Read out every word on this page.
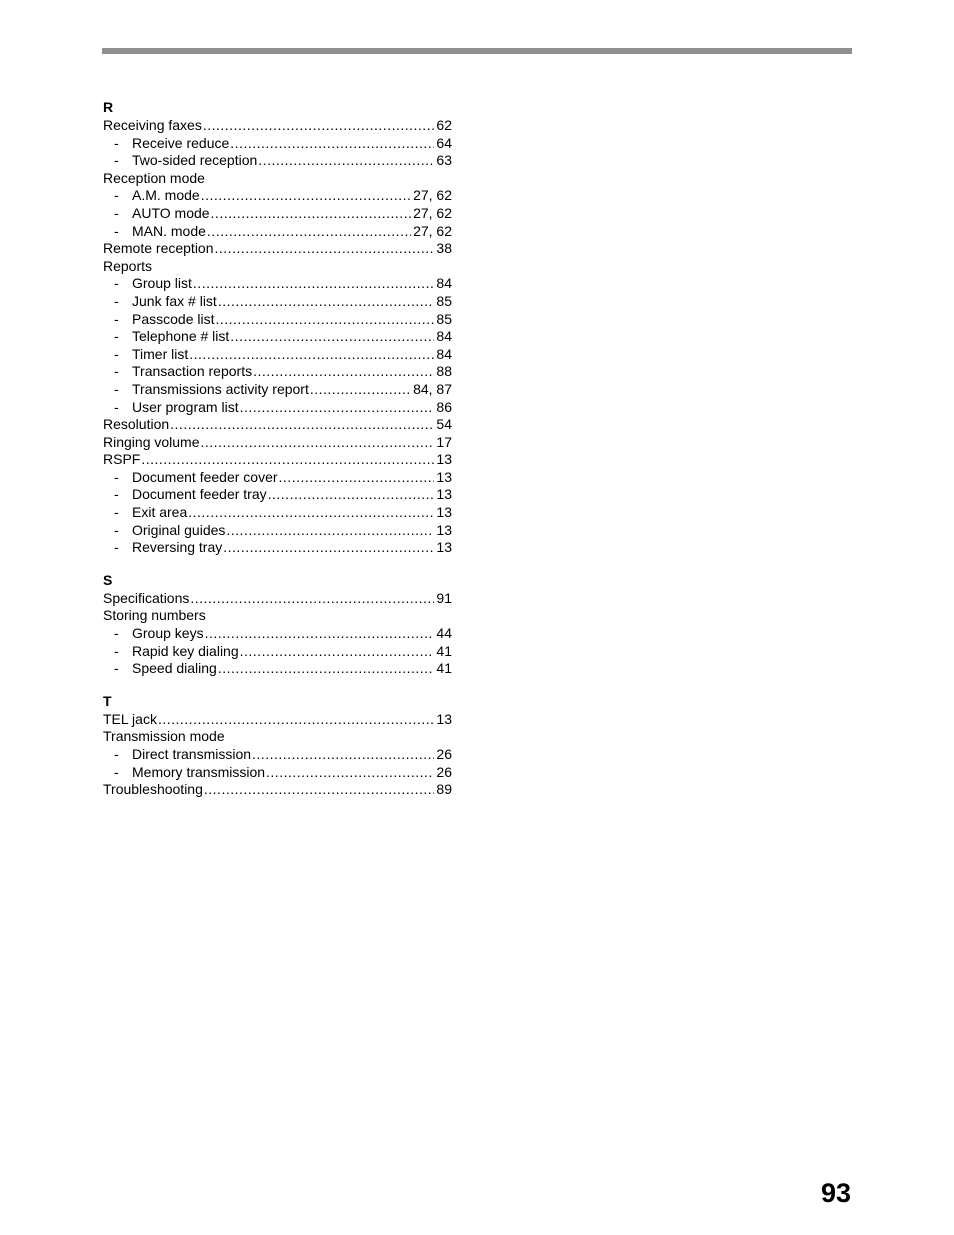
R
Receiving faxes .....	62
- Receive reduce .....	64
- Two-sided reception .....	63
Reception mode
- A.M. mode .....	27, 62
- AUTO mode .....	27, 62
- MAN. mode .....	27, 62
Remote reception .....	38
Reports
- Group list .....	84
- Junk fax # list .....	85
- Passcode list .....	85
- Telephone # list .....	84
- Timer list .....	84
- Transaction reports .....	88
- Transmissions activity report .....	84, 87
- User program list .....	86
Resolution .....	54
Ringing volume .....	17
RSPF .....	13
- Document feeder cover .....	13
- Document feeder tray .....	13
- Exit area .....	13
- Original guides .....	13
- Reversing tray .....	13
S
Specifications .....	91
Storing numbers
- Group keys .....	44
- Rapid key dialing .....	41
- Speed dialing .....	41
T
TEL jack .....	13
Transmission mode
- Direct transmission .....	26
- Memory transmission .....	26
Troubleshooting .....	89
93
